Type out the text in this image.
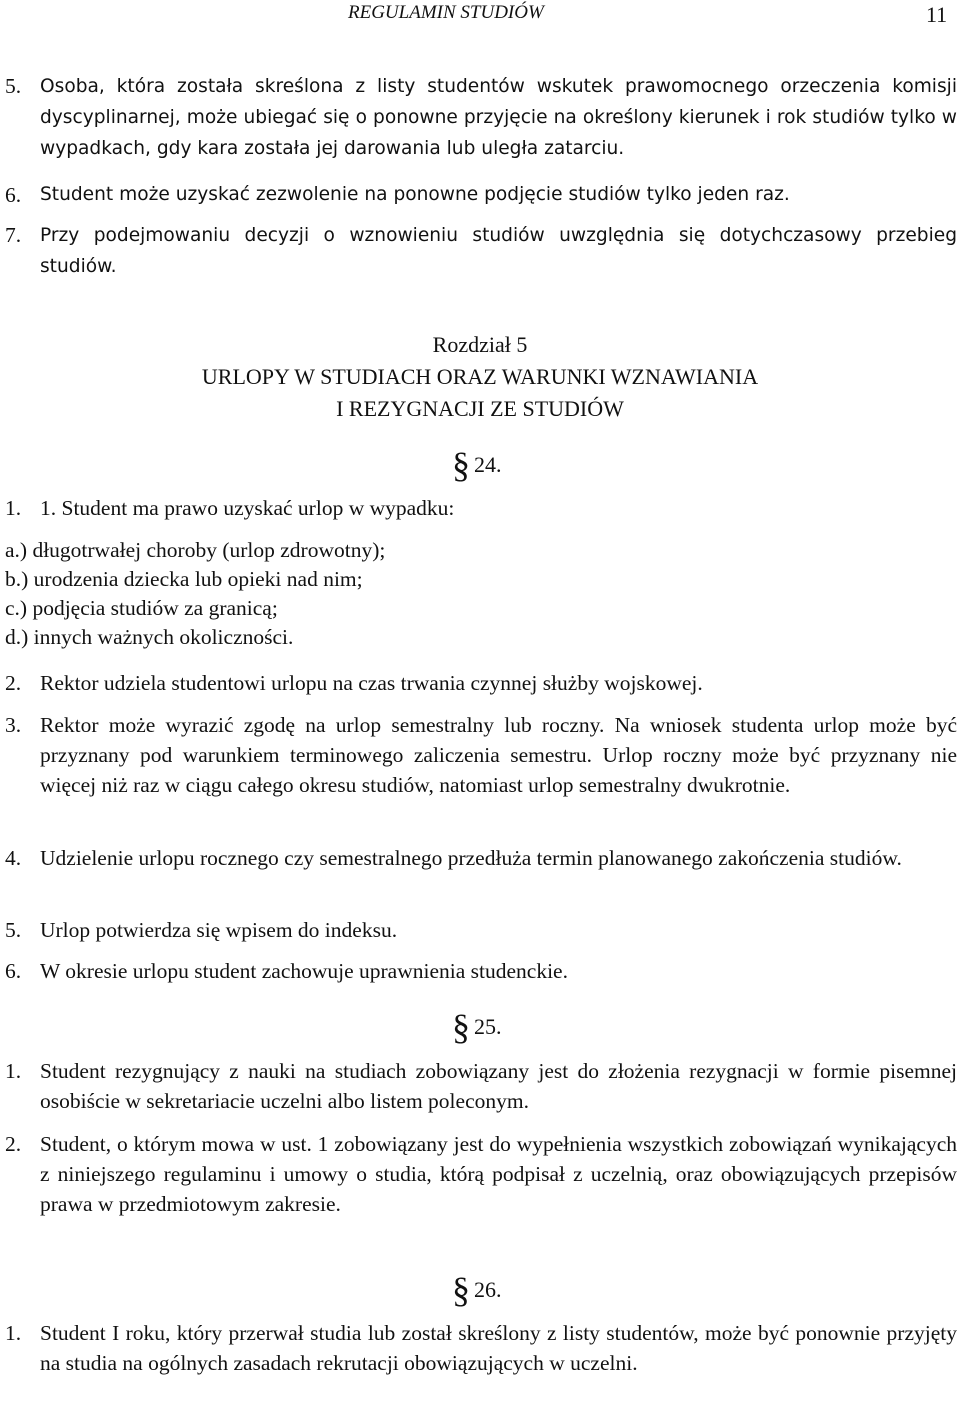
REGULAMIN STUDIÓW	11
5. Osoba, która została skreślona z listy studentów wskutek prawomocnego orzeczenia komisji dyscyplinarnej, może ubiegać się o ponowne przyjęcie na określony kierunek i rok studiów tylko w wypadkach, gdy kara została jej darowania lub uległa zatarciu.
6. Student może uzyskać zezwolenie na ponowne podjęcie studiów tylko jeden raz.
7. Przy podejmowaniu decyzji o wznowieniu studiów uwzględnia się dotychczasowy przebieg studiów.
Rozdział 5
URLOPY W STUDIACH ORAZ WARUNKI WZNAWIANIA
I REZYGNACJI ZE STUDIÓW
§ 24.
1. 1. Student ma prawo uzyskać urlop w wypadku:
a.) długotrwałej choroby (urlop zdrowotny);
b.) urodzenia dziecka lub opieki nad nim;
c.) podjęcia studiów za granicą;
d.) innych ważnych okoliczności.
2. Rektor udziela studentowi urlopu na czas trwania czynnej służby wojskowej.
3. Rektor może wyrazić zgodę na urlop semestralny lub roczny. Na wniosek studenta urlop może być przyznany pod warunkiem terminowego zaliczenia semestru. Urlop roczny może być przyznany nie więcej niż raz w ciągu całego okresu studiów, natomiast urlop semestralny dwukrotnie.
4. Udzielenie urlopu rocznego czy semestralnego przedłuża termin planowanego zakończenia studiów.
5. Urlop potwierdza się wpisem do indeksu.
6. W okresie urlopu student zachowuje uprawnienia studenckie.
§ 25.
1. Student rezygnujący z nauki na studiach zobowiązany jest do złożenia rezygnacji w formie pisemnej osobiście w sekretariacie uczelni albo listem poleconym.
2. Student, o którym mowa w ust. 1 zobowiązany jest do wypełnienia wszystkich zobowiązań wynikających z niniejszego regulaminu i umowy o studia, którą podpisał z uczelnią, oraz obowiązujących przepisów prawa w przedmiotowym zakresie.
§ 26.
1. Student I roku, który przerwał studia lub został skreślony z listy studentów, może być ponownie przyjęty na studia na ogólnych zasadach rekrutacji obowiązujących w uczelni.
